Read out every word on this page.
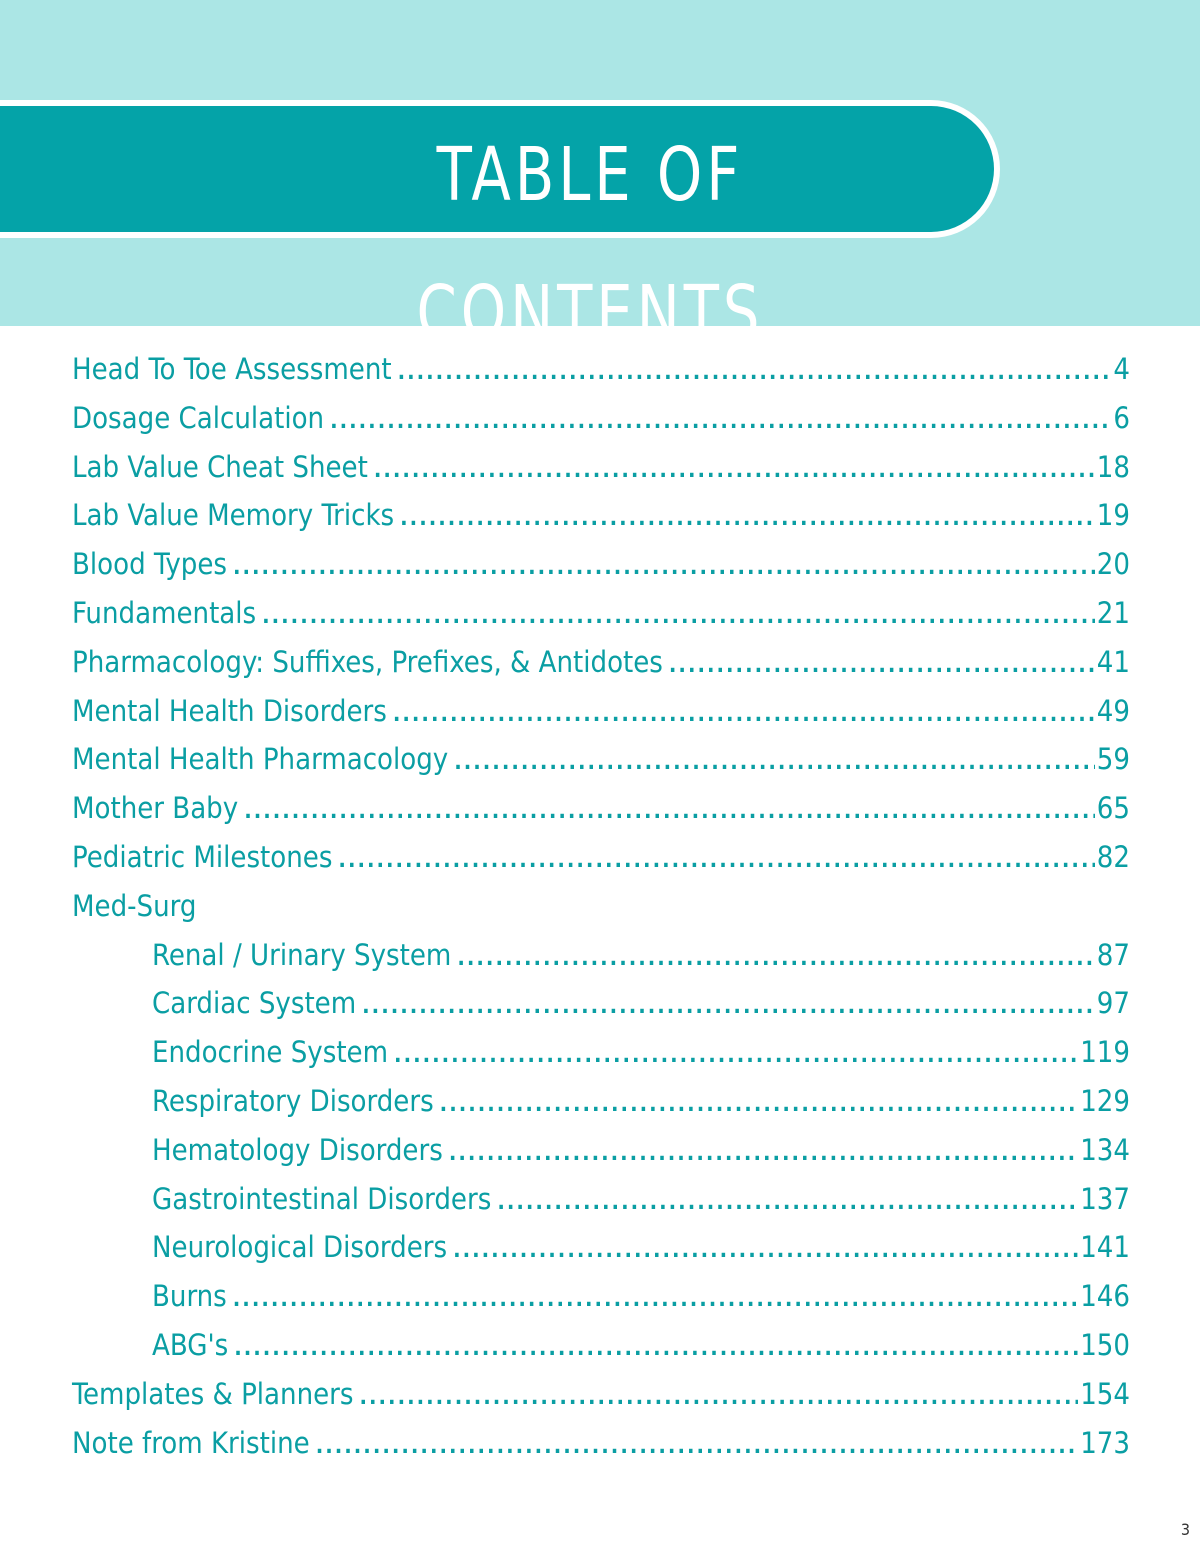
TABLE OF CONTENTS
Head To Toe Assessment .....	4
Dosage Calculation .....	6
Lab Value Cheat Sheet .....	18
Lab Value Memory Tricks .....	19
Blood Types .....	20
Fundamentals .....	21
Pharmacology: Suffixes, Prefixes, & Antidotes .....	41
Mental Health Disorders .....	49
Mental Health Pharmacology .....	59
Mother Baby .....	65
Pediatric Milestones .....	82
Med-Surg
Renal / Urinary System .....	87
Cardiac System .....	97
Endocrine System .....	119
Respiratory Disorders .....	129
Hematology Disorders .....	134
Gastrointestinal Disorders .....	137
Neurological Disorders .....	141
Burns .....	146
ABG's .....	150
Templates & Planners .....	154
Note from Kristine .....	173
3
